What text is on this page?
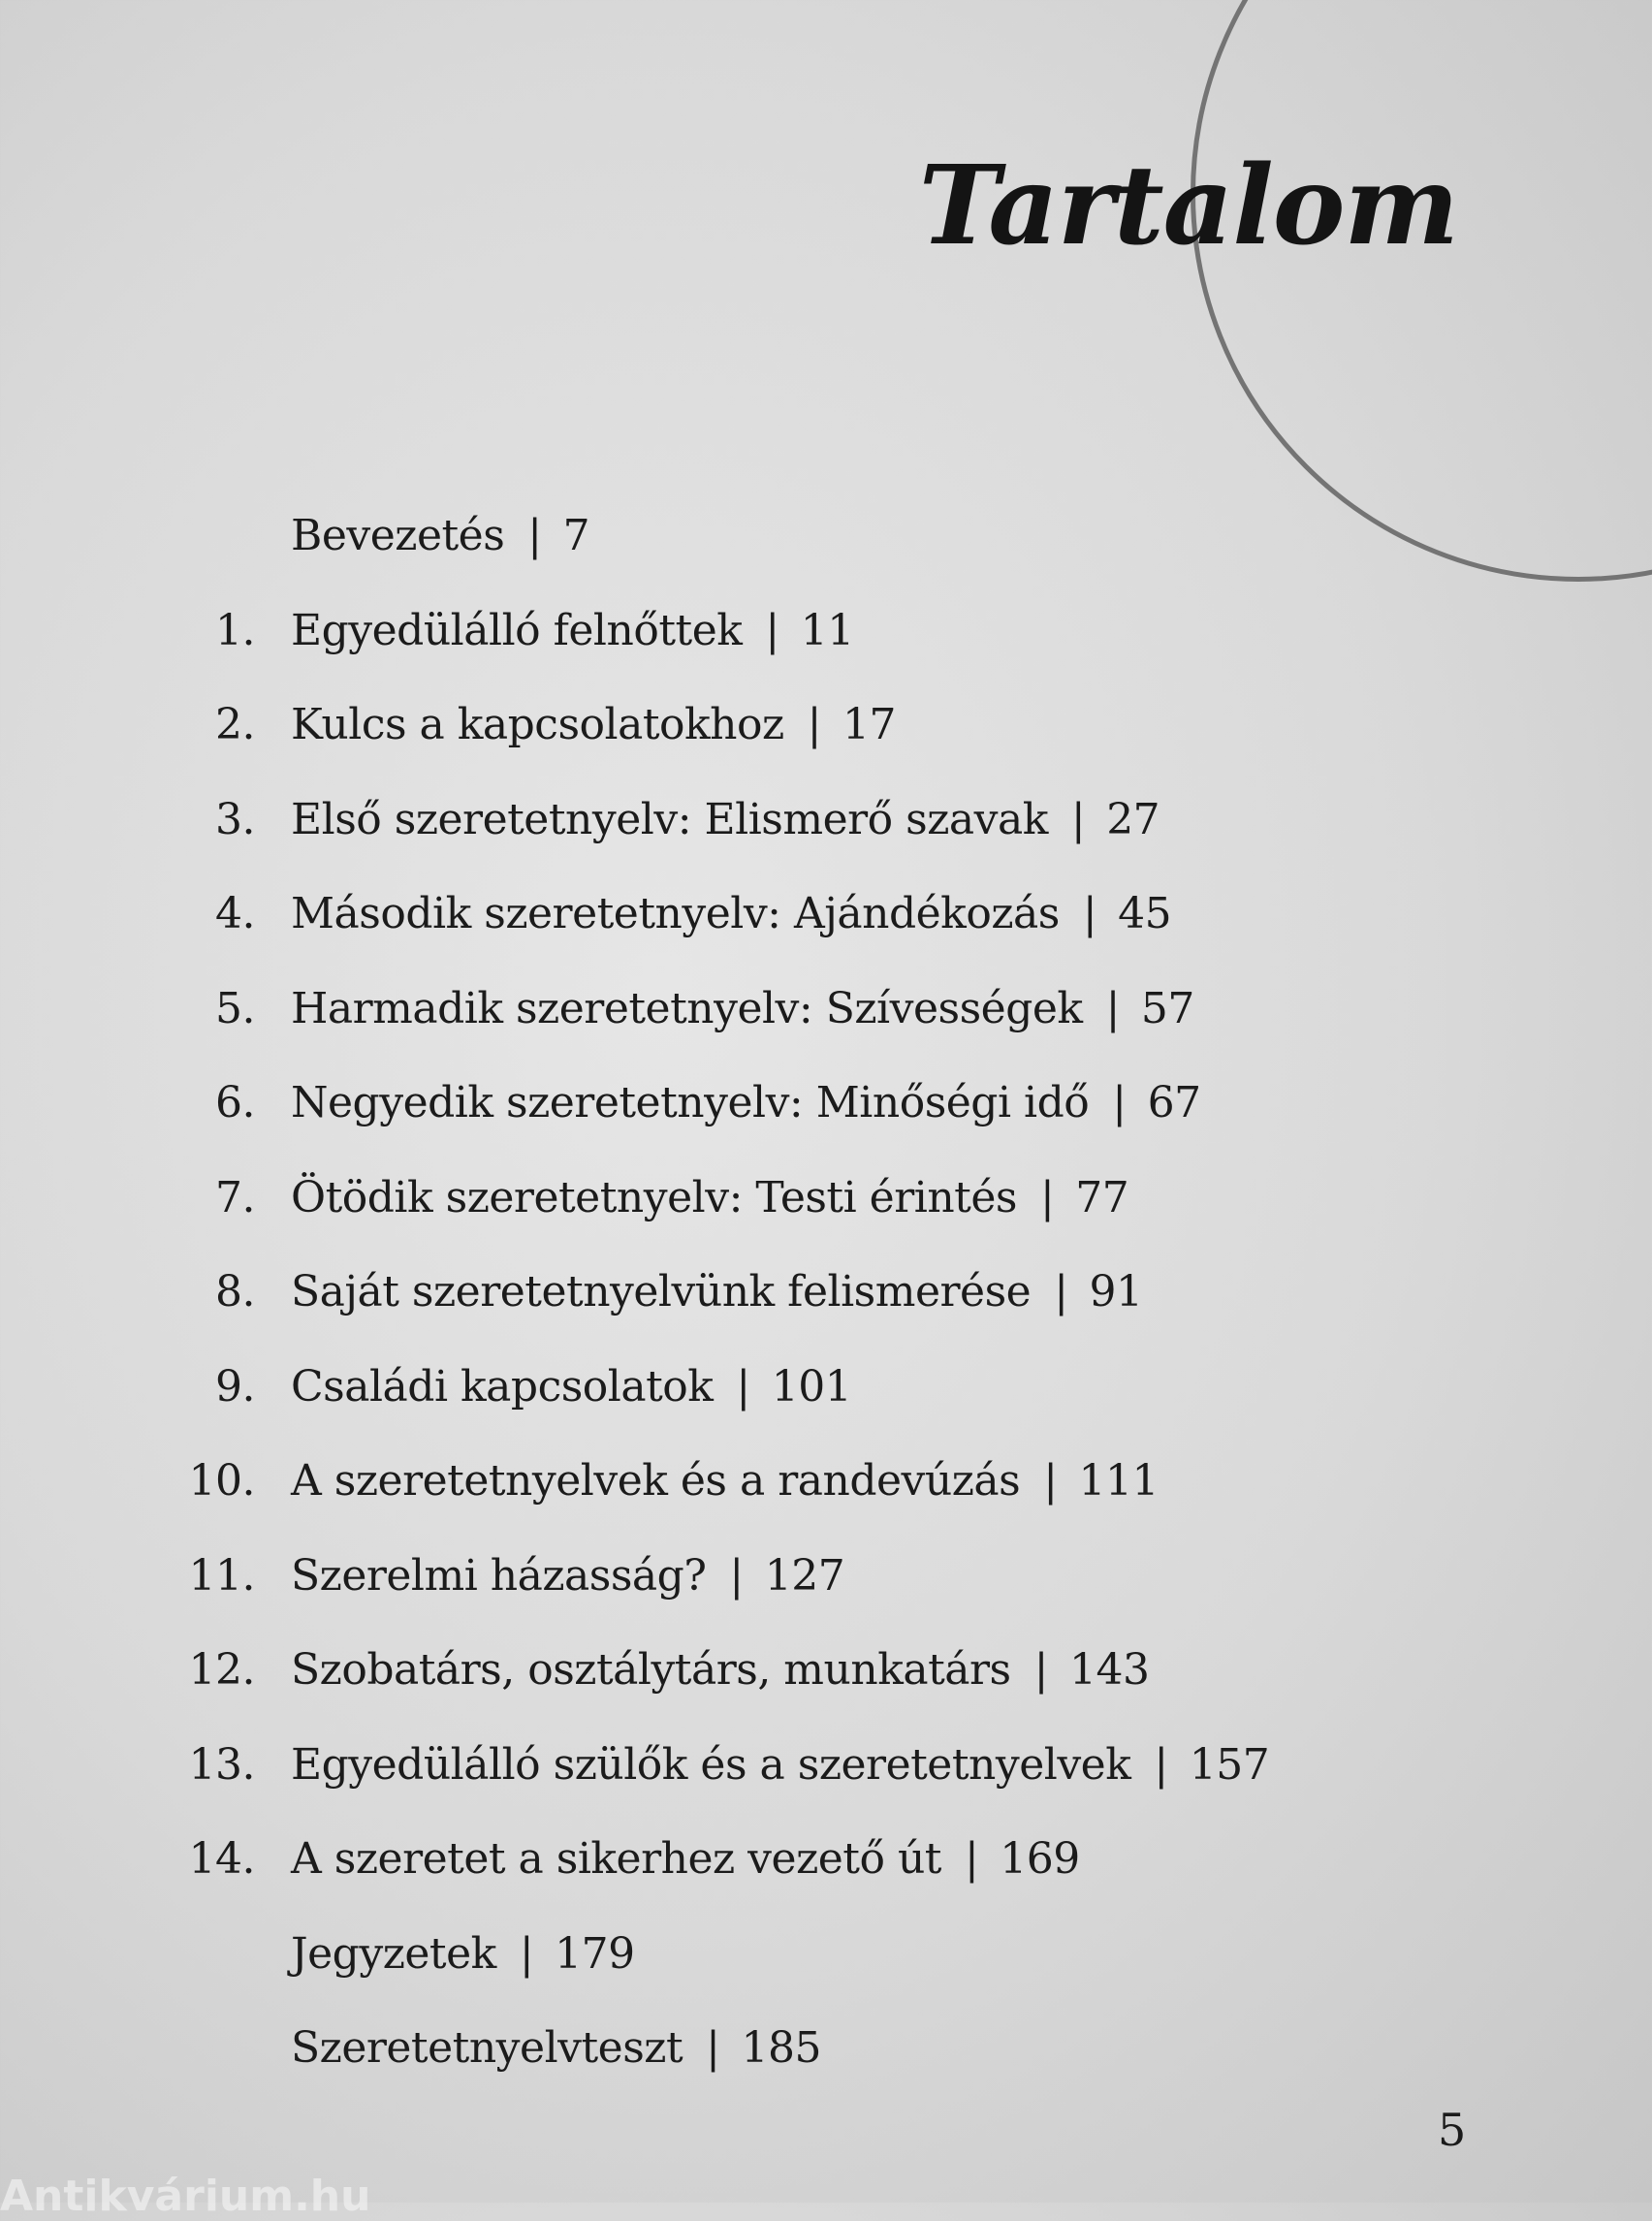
Tartalom
Bevezetés | 7
1. Egyedülálló felnőttek | 11
2. Kulcs a kapcsolatokhoz | 17
3. Első szeretetnyelv: Elismerő szavak | 27
4. Második szeretetnyelv: Ajándékozás | 45
5. Harmadik szeretetnyelv: Szívességek | 57
6. Negyedik szeretetnyelv: Minőségi idő | 67
7. Ötödik szeretetnyelv: Testi érintés | 77
8. Saját szeretetnyelvünk felismerése | 91
9. Családi kapcsolatok | 101
10. A szeretetnyelvek és a randevúzás | 111
11. Szerelmi házasság? | 127
12. Szobatárs, osztálytárs, munkatárs | 143
13. Egyedülálló szülők és a szeretetnyelvek | 157
14. A szeretet a sikerhez vezető út | 169
Jegyzetek | 179
Szeretetnyelvteszt | 185
5
Antikvárium.hu
